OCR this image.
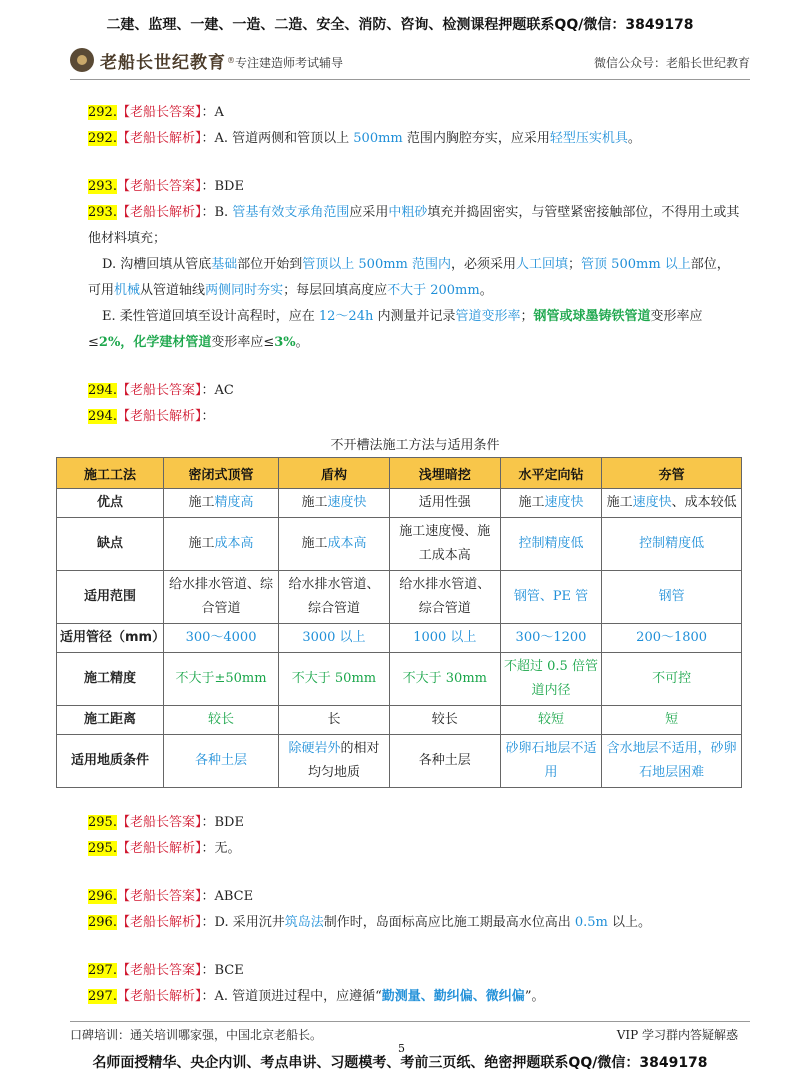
二建、监理、一建、一造、二造、安全、消防、咨询、检测课程押题联系QQ/微信：3849178
老船长世纪教育 ® 专注建造师考试辅导	微信公众号：老船长世纪教育
292.【老船长答案】：A
292.【老船长解析】：A. 管道两侧和管顶以上 500mm 范围内胸腔夯实，应采用轻型压实机具。
293.【老船长答案】：BDE
293.【老船长解析】：B. 管基有效支承角范围应采用中粗砂填充并捣固密实，与管壁紧密接触部位，不得用土或其他材料填充；
D. 沟槽回填从管底基础部位开始到管顶以上 500mm 范围内，必须采用人工回填；管顶 500mm 以上部位，可用机械从管道轴线两侧同时夯实；每层回填高度应不大于 200mm。
E. 柔性管道回填至设计高程时，应在 12～24h 内测量并记录管道变形率；钢管或球墨铸铁管道变形率应≤2%，化学建材管道变形率应≤3%。
294.【老船长答案】：AC
294.【老船长解析】：
不开槽法施工方法与适用条件
施工工法	密闭式顶管	盾构	浅埋暗挖	水平定向钻	夯管
优点	施工精度高	施工速度快	适用性强	施工速度快	施工速度快、成本较低
缺点	施工成本高	施工成本高	施工速度慢、施工成本高	控制精度低	控制精度低
适用范围	给水排水管道、综合管道	给水排水管道、综合管道	给水排水管道、综合管道	钢管、PE 管	钢管
适用管径（mm）	300～4000	3000 以上	1000 以上	300～1200	200～1800
施工精度	不大于±50mm	不大于 50mm	不大于 30mm	不超过 0.5 倍管道内径	不可控
施工距离	较长	长	较长	较短	短
适用地质条件	各种土层	除硬岩外的相对均匀地质	各种土层	砂卵石地层不适用	含水地层不适用，砂卵石地层困难
295.【老船长答案】：BDE
295.【老船长解析】：无。
296.【老船长答案】：ABCE
296.【老船长解析】：D. 采用沉井筑岛法制作时，岛面标高应比施工期最高水位高出 0.5m 以上。
297.【老船长答案】：BCE
297.【老船长解析】：A. 管道顶进过程中，应遵循“勤测量、勤纠偏、微纠偏”。
口碑培训：通关培训哪家强，中国北京老船长。	VIP 学习群内答疑解惑
5
名师面授精华、央企内训、考点串讲、习题模考、考前三页纸、绝密押题联系QQ/微信：3849178
